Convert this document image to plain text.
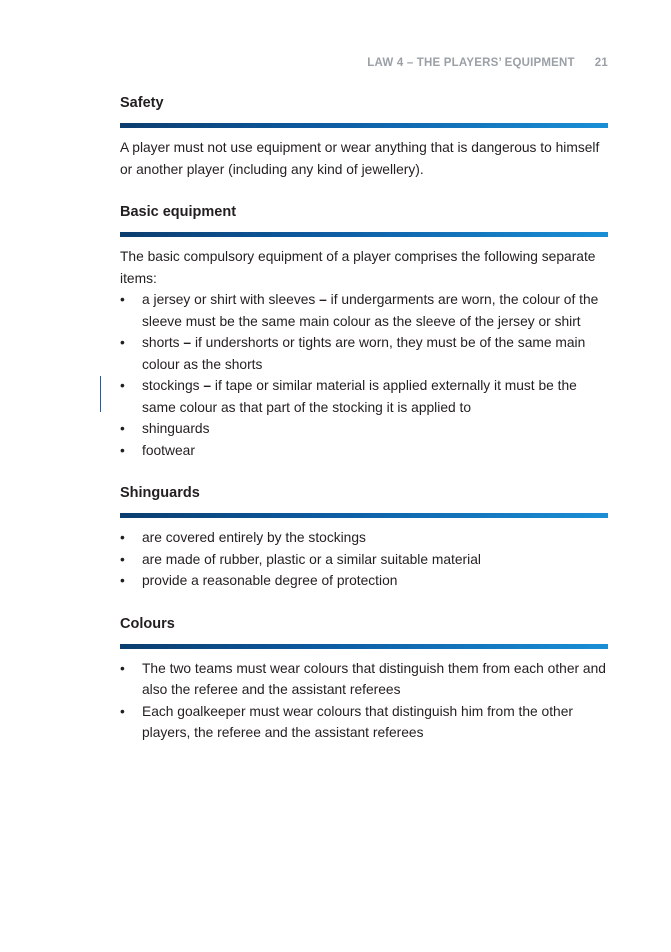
LAW 4 – THE PLAYERS’ EQUIPMENT 21
Safety

A player must not use equipment or wear anything that is dangerous to himself or another player (including any kind of jewellery).

Basic equipment

The basic compulsory equipment of a player comprises the following separate items:

• a jersey or shirt with sleeves – if undergarments are worn, the colour of the sleeve must be the same main colour as the sleeve of the jersey or shirt
• shorts – if undershorts or tights are worn, they must be of the same main colour as the shorts
• stockings – if tape or similar material is applied externally it must be the same colour as that part of the stocking it is applied to
• shinguards
• footwear
Shinguards
• are covered entirely by the stockings
• are made of rubber, plastic or a similar suitable material
• provide a reasonable degree of protection
Colours
• The two teams must wear colours that distinguish them from each other and also the referee and the assistant referees
• Each goalkeeper must wear colours that distinguish him from the other players, the referee and the assistant referees
